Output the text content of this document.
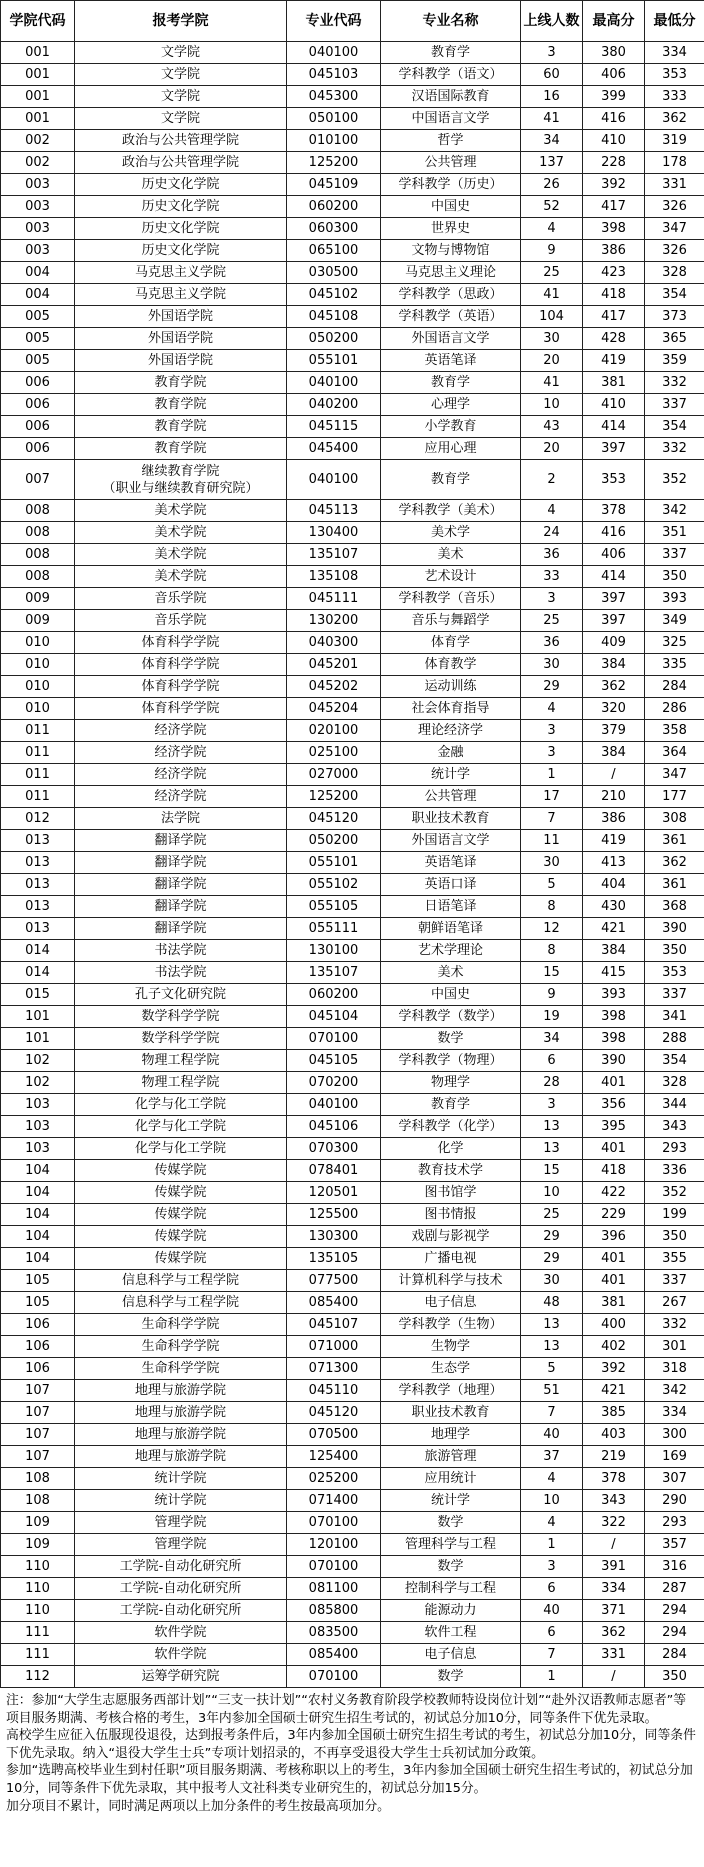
学院代码	报考学院	专业代码	专业名称	上线人数	最高分	最低分
001	文学院	040100	教育学	3	380	334
001	文学院	045103	学科教学（语文）	60	406	353
001	文学院	045300	汉语国际教育	16	399	333
001	文学院	050100	中国语言文学	41	416	362
002	政治与公共管理学院	010100	哲学	34	410	319
002	政治与公共管理学院	125200	公共管理	137	228	178
003	历史文化学院	045109	学科教学（历史）	26	392	331
003	历史文化学院	060200	中国史	52	417	326
003	历史文化学院	060300	世界史	4	398	347
003	历史文化学院	065100	文物与博物馆	9	386	326
004	马克思主义学院	030500	马克思主义理论	25	423	328
004	马克思主义学院	045102	学科教学（思政）	41	418	354
005	外国语学院	045108	学科教学（英语）	104	417	373
005	外国语学院	050200	外国语言文学	30	428	365
005	外国语学院	055101	英语笔译	20	419	359
006	教育学院	040100	教育学	41	381	332
006	教育学院	040200	心理学	10	410	337
006	教育学院	045115	小学教育	43	414	354
006	教育学院	045400	应用心理	20	397	332
007	继续教育学院
（职业与继续教育研究院）	040100	教育学	2	353	352
008	美术学院	045113	学科教学（美术）	4	378	342
008	美术学院	130400	美术学	24	416	351
008	美术学院	135107	美术	36	406	337
008	美术学院	135108	艺术设计	33	414	350
009	音乐学院	045111	学科教学（音乐）	3	397	393
009	音乐学院	130200	音乐与舞蹈学	25	397	349
010	体育科学学院	040300	体育学	36	409	325
010	体育科学学院	045201	体育教学	30	384	335
010	体育科学学院	045202	运动训练	29	362	284
010	体育科学学院	045204	社会体育指导	4	320	286
011	经济学院	020100	理论经济学	3	379	358
011	经济学院	025100	金融	3	384	364
011	经济学院	027000	统计学	1	/	347
011	经济学院	125200	公共管理	17	210	177
012	法学院	045120	职业技术教育	7	386	308
013	翻译学院	050200	外国语言文学	11	419	361
013	翻译学院	055101	英语笔译	30	413	362
013	翻译学院	055102	英语口译	5	404	361
013	翻译学院	055105	日语笔译	8	430	368
013	翻译学院	055111	朝鲜语笔译	12	421	390
014	书法学院	130100	艺术学理论	8	384	350
014	书法学院	135107	美术	15	415	353
015	孔子文化研究院	060200	中国史	9	393	337
101	数学科学学院	045104	学科教学（数学）	19	398	341
101	数学科学学院	070100	数学	34	398	288
102	物理工程学院	045105	学科教学（物理）	6	390	354
102	物理工程学院	070200	物理学	28	401	328
103	化学与化工学院	040100	教育学	3	356	344
103	化学与化工学院	045106	学科教学（化学）	13	395	343
103	化学与化工学院	070300	化学	13	401	293
104	传媒学院	078401	教育技术学	15	418	336
104	传媒学院	120501	图书馆学	10	422	352
104	传媒学院	125500	图书情报	25	229	199
104	传媒学院	130300	戏剧与影视学	29	396	350
104	传媒学院	135105	广播电视	29	401	355
105	信息科学与工程学院	077500	计算机科学与技术	30	401	337
105	信息科学与工程学院	085400	电子信息	48	381	267
106	生命科学学院	045107	学科教学（生物）	13	400	332
106	生命科学学院	071000	生物学	13	402	301
106	生命科学学院	071300	生态学	5	392	318
107	地理与旅游学院	045110	学科教学（地理）	51	421	342
107	地理与旅游学院	045120	职业技术教育	7	385	334
107	地理与旅游学院	070500	地理学	40	403	300
107	地理与旅游学院	125400	旅游管理	37	219	169
108	统计学院	025200	应用统计	4	378	307
108	统计学院	071400	统计学	10	343	290
109	管理学院	070100	数学	4	322	293
109	管理学院	120100	管理科学与工程	1	/	357
110	工学院-自动化研究所	070100	数学	3	391	316
110	工学院-自动化研究所	081100	控制科学与工程	6	334	287
110	工学院-自动化研究所	085800	能源动力	40	371	294
111	软件学院	083500	软件工程	6	362	294
111	软件学院	085400	电子信息	7	331	284
112	运筹学研究院	070100	数学	1	/	350

注：参加“大学生志愿服务西部计划”“三支一扶计划”“农村义务教育阶段学校教师特设岗位计划”“赴外汉语教师志愿者”等项目服务期满、考核合格的考生，3年内参加全国硕士研究生招生考试的，初试总分加10分，同等条件下优先录取。

高校学生应征入伍服现役退役，达到报考条件后，3年内参加全国硕士研究生招生考试的考生，初试总分加10分，同等条件下优先录取。纳入“退役大学生士兵”专项计划招录的，不再享受退役大学生士兵初试加分政策。

参加“选聘高校毕业生到村任职”项目服务期满、考核称职以上的考生，3年内参加全国硕士研究生招生考试的，初试总分加10分，同等条件下优先录取，其中报考人文社科类专业研究生的，初试总分加15分。

加分项目不累计，同时满足两项以上加分条件的考生按最高项加分。
